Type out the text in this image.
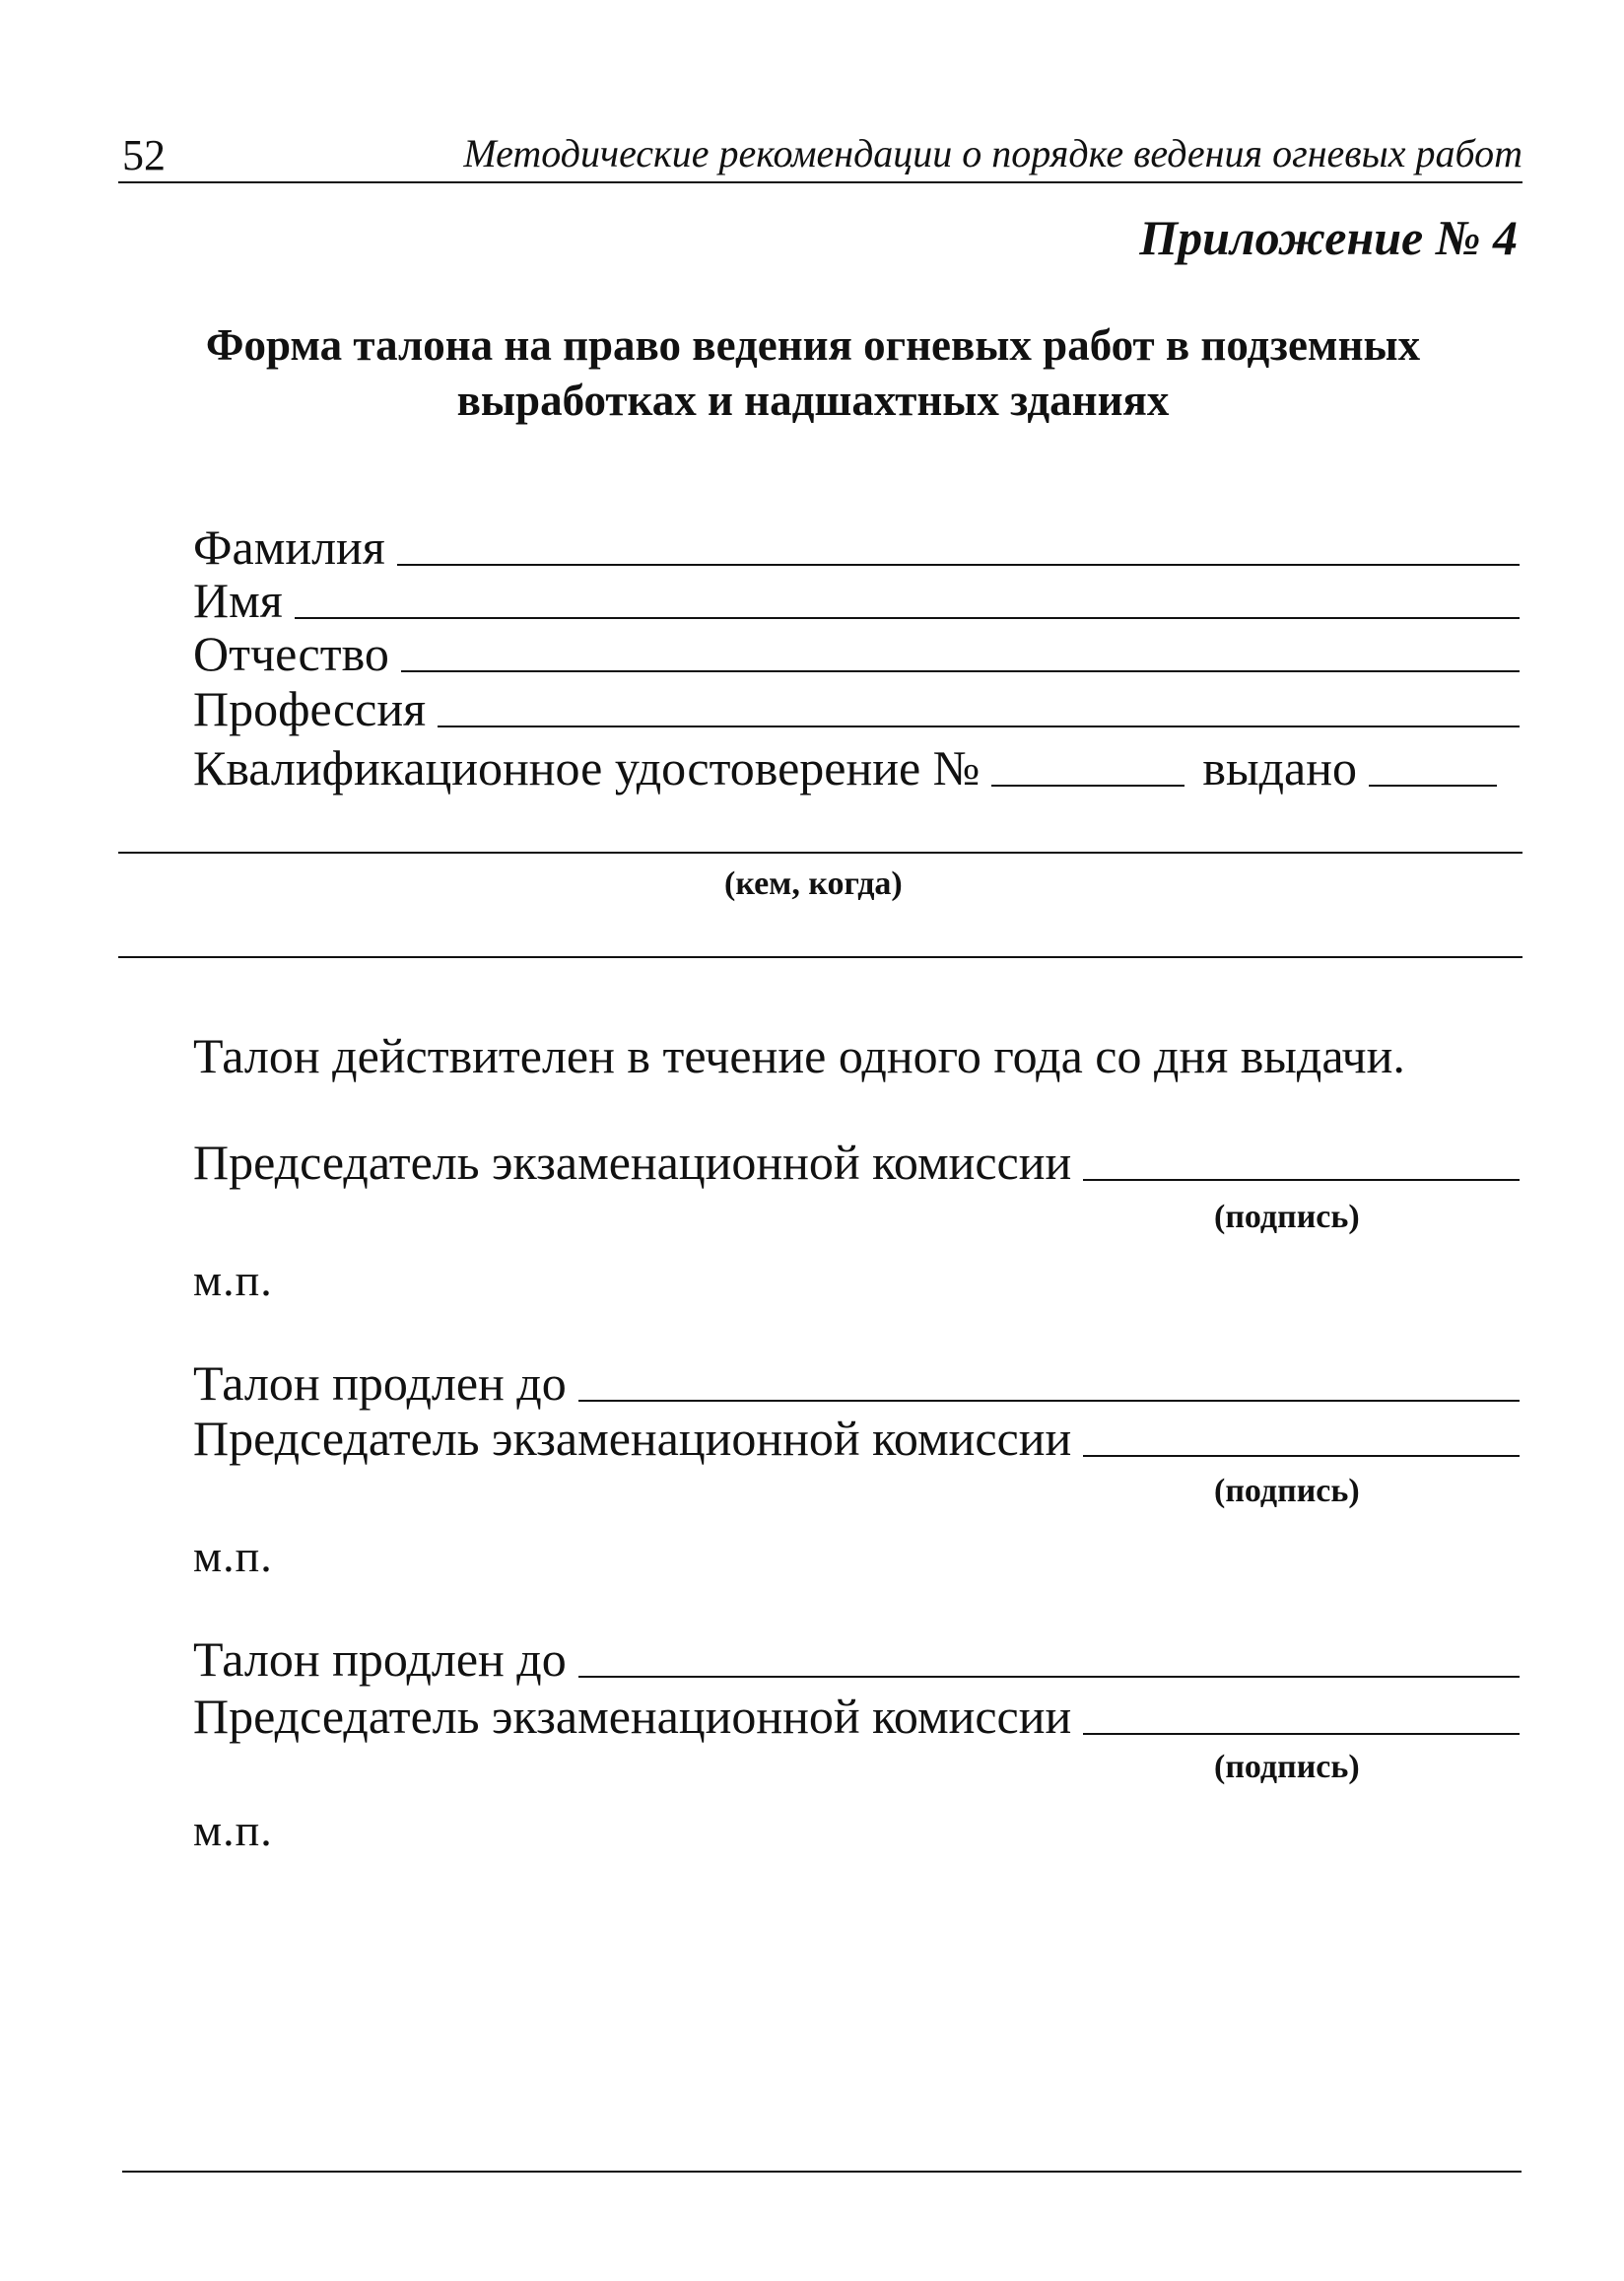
52	Методические рекомендации о порядке ведения огневых работ
Приложение № 4
Форма талона на право ведения огневых работ в подземных
выработках и надшахтных зданиях
Фамилия
Имя
Отчество
Профессия
Квалификационное удостоверение №	выдано
(кем, когда)
Талон действителен в течение одного года со дня выдачи.
Председатель экзаменационной комиссии
(подпись)
м.п.
Талон продлен до
Председатель экзаменационной комиссии
(подпись)
м.п.
Талон продлен до
Председатель экзаменационной комиссии
(подпись)
м.п.
